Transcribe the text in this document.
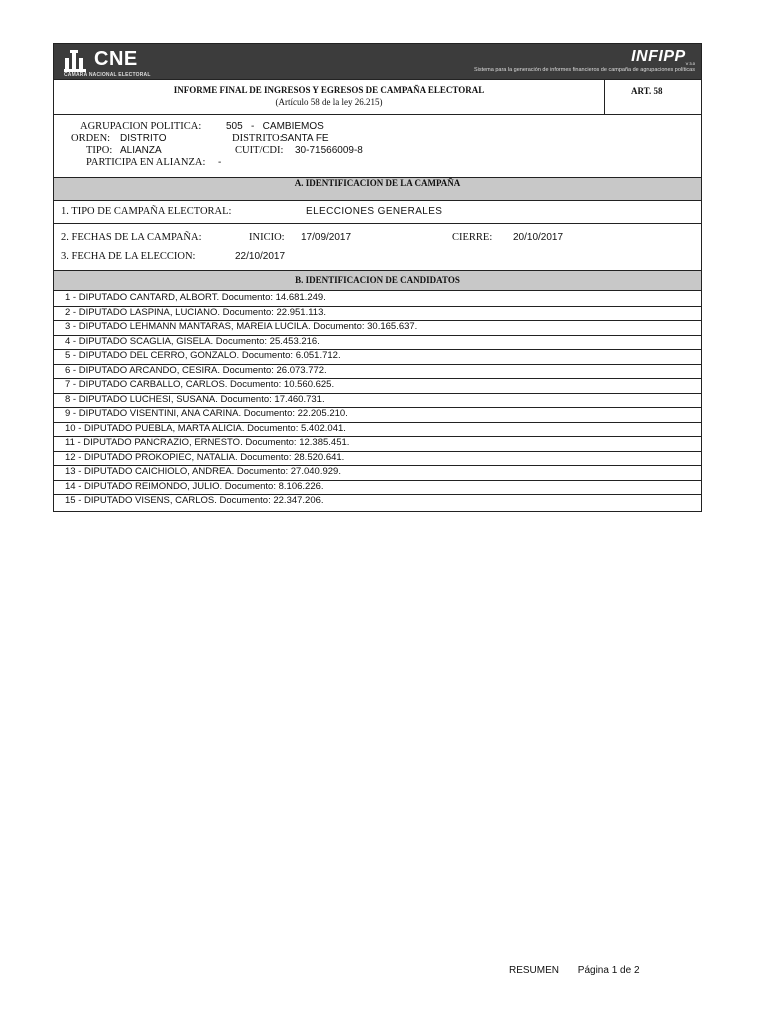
CNE
CÁMARA NACIONAL ELECTORAL
$INFIPP_{V 3.0}$
Sistema para la generación de informes financieros de campaña de agrupaciones políticas
INFORME FINAL DE INGRESOS Y EGRESOS DE CAMPAÑA ELECTORAL
(Artículo 58 de la ley 26.215)
ART. 58
AGRUPACION POLITICA: 505   -   CAMBIEMOS
ORDEN: DISTRITO	DISTRITO:
SANTA FE
TIPO: ALIANZA	CUIT/CDI: 30-71566009-8
PARTICIPA EN ALIANZA: -
A. IDENTIFICACION DE LA CAMPAÑA
1. TIPO DE CAMPAÑA ELECTORAL:	ELECCIONES GENERALES
2. FECHAS DE LA CAMPAÑA:	INICIO: 17/09/2017	CIERRE: 20/10/2017
3. FECHA DE LA ELECCION:	22/10/2017
B. IDENTIFICACION DE CANDIDATOS
1 - DIPUTADO CANTARD, ALBORT. Documento: 14.681.249.
2 - DIPUTADO LASPINA, LUCIANO. Documento: 22.951.113.
3 - DIPUTADO LEHMANN MANTARAS, MAREIA LUCILA. Documento: 30.165.637.
4 - DIPUTADO SCAGLIA, GISELA. Documento: 25.453.216.
5 - DIPUTADO DEL CERRO, GONZALO. Documento: 6.051.712.
6 - DIPUTADO ARCANDO, CESIRA. Documento: 26.073.772.
7 - DIPUTADO CARBALLO, CARLOS. Documento: 10.560.625.
8 - DIPUTADO LUCHESI, SUSANA. Documento: 17.460.731.
9 - DIPUTADO VISENTINI, ANA CARINA. Documento: 22.205.210.
10 - DIPUTADO PUEBLA, MARTA ALICIA. Documento: 5.402.041.
11 - DIPUTADO PANCRAZIO, ERNESTO. Documento: 12.385.451.
12 - DIPUTADO PROKOPIEC, NATALIA. Documento: 28.520.641.
13 - DIPUTADO CAICHIOLO, ANDREA. Documento: 27.040.929.
14 - DIPUTADO REIMONDO, JULIO. Documento: 8.106.226.
15 - DIPUTADO VISENS, CARLOS. Documento: 22.347.206.
RESUMEN Página 1 de 2
